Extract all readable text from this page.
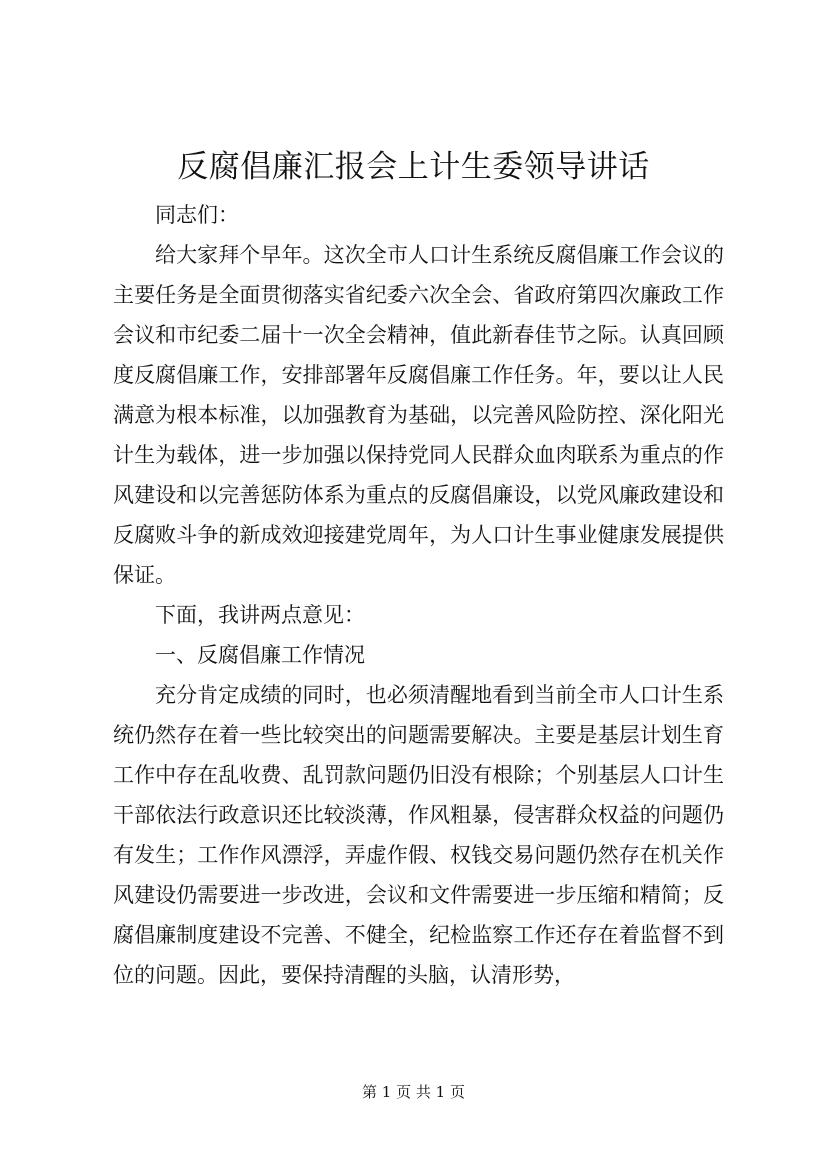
反腐倡廉汇报会上计生委领导讲话

同志们：

给大家拜个早年。这次全市人口计生系统反腐倡廉工作会议的主要任务是全面贯彻落实省纪委六次全会、省政府第四次廉政工作会议和市纪委二届十一次全会精神，值此新春佳节之际。认真回顾度反腐倡廉工作，安排部署年反腐倡廉工作任务。年，要以让人民满意为根本标准，以加强教育为基础，以完善风险防控、深化阳光计生为载体，进一步加强以保持党同人民群众血肉联系为重点的作风建设和以完善惩防体系为重点的反腐倡廉设，以党风廉政建设和反腐败斗争的新成效迎接建党周年，为人口计生事业健康发展提供保证。

下面，我讲两点意见：

一、反腐倡廉工作情况

充分肯定成绩的同时，也必须清醒地看到当前全市人口计生系统仍然存在着一些比较突出的问题需要解决。主要是基层计划生育工作中存在乱收费、乱罚款问题仍旧没有根除；个别基层人口计生干部依法行政意识还比较淡薄，作风粗暴，侵害群众权益的问题仍有发生；工作作风漂浮，弄虚作假、权钱交易问题仍然存在机关作风建设仍需要进一步改进，会议和文件需要进一步压缩和精简；反腐倡廉制度建设不完善、不健全，纪检监察工作还存在着监督不到位的问题。因此，要保持清醒的头脑，认清形势，

第 1 页 共 1 页
